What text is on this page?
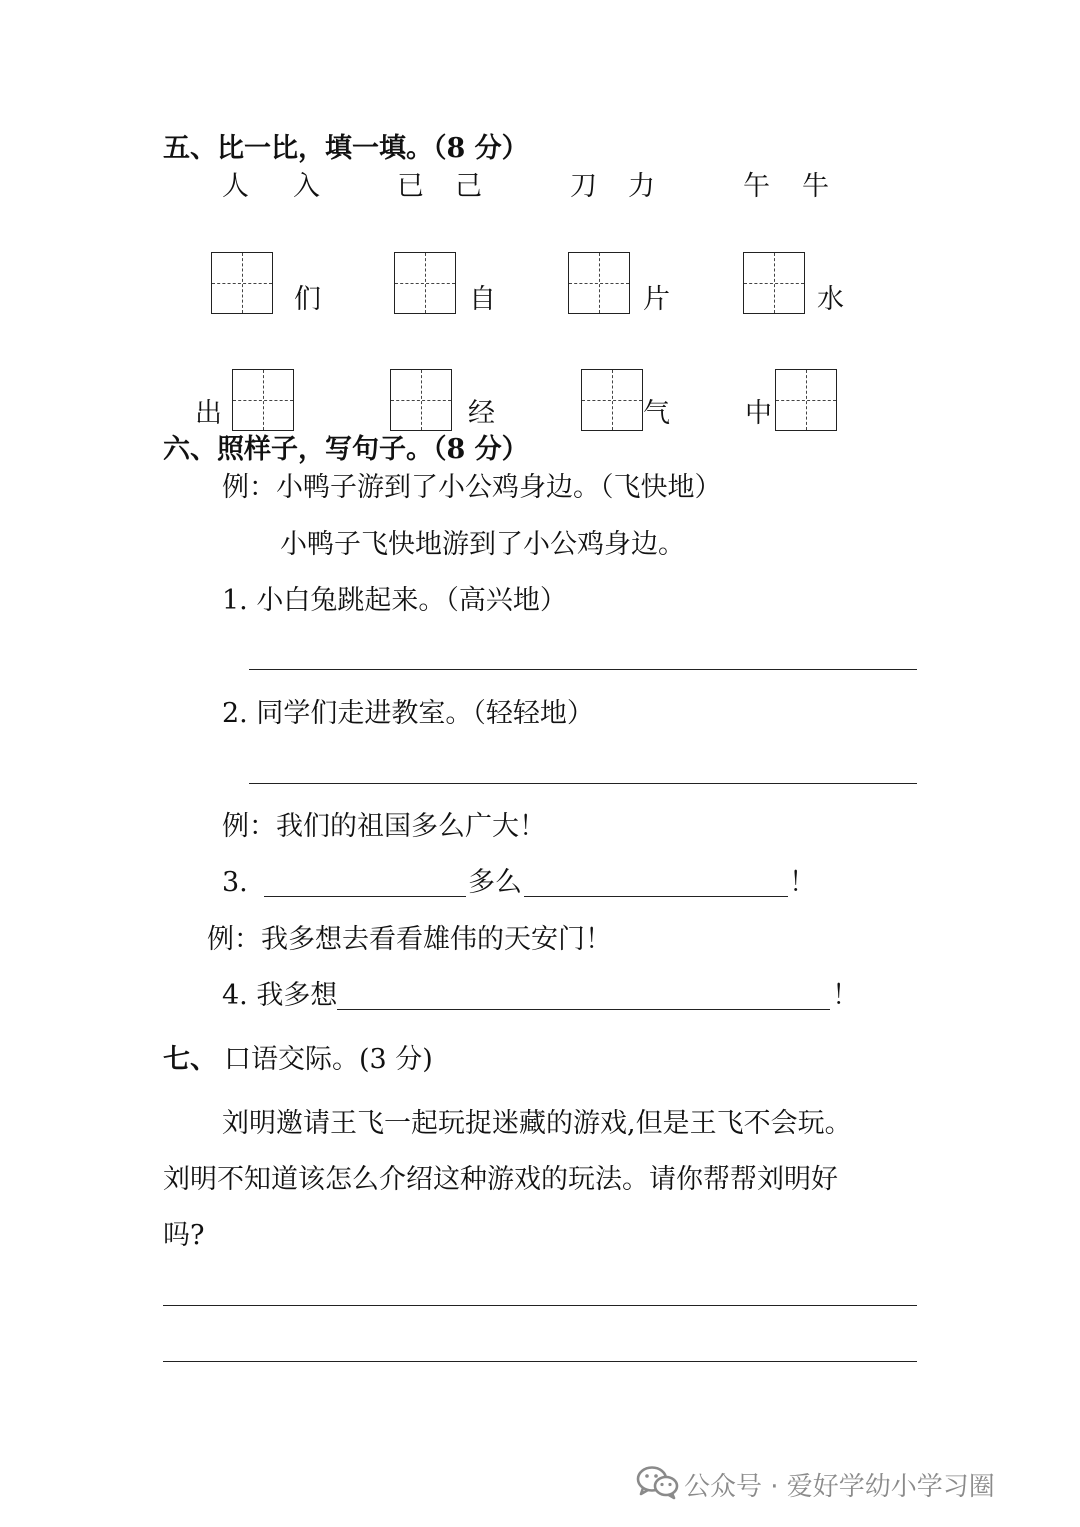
五、比一比，填一填。（8 分）
人 入	已 己	刀 力	午 牛
们	自	片	水
出	经	气	中
六、照样子，写句子。（8 分）
例：小鸭子游到了小公鸡身边。（飞快地）
小鸭子飞快地游到了小公鸡身边。
1. 小白兔跳起来。（高兴地）
2. 同学们走进教室。（轻轻地）
例：我们的祖国多么广大！
3.	多么	！
例：我多想去看看雄伟的天安门！
4. 我多想	！
七、 口语交际。(3 分)
刘明邀请王飞一起玩捉迷藏的游戏,但是王飞不会玩。
刘明不知道该怎么介绍这种游戏的玩法。请你帮帮刘明好
吗?
公众号 · 爱好学幼小学习圈
